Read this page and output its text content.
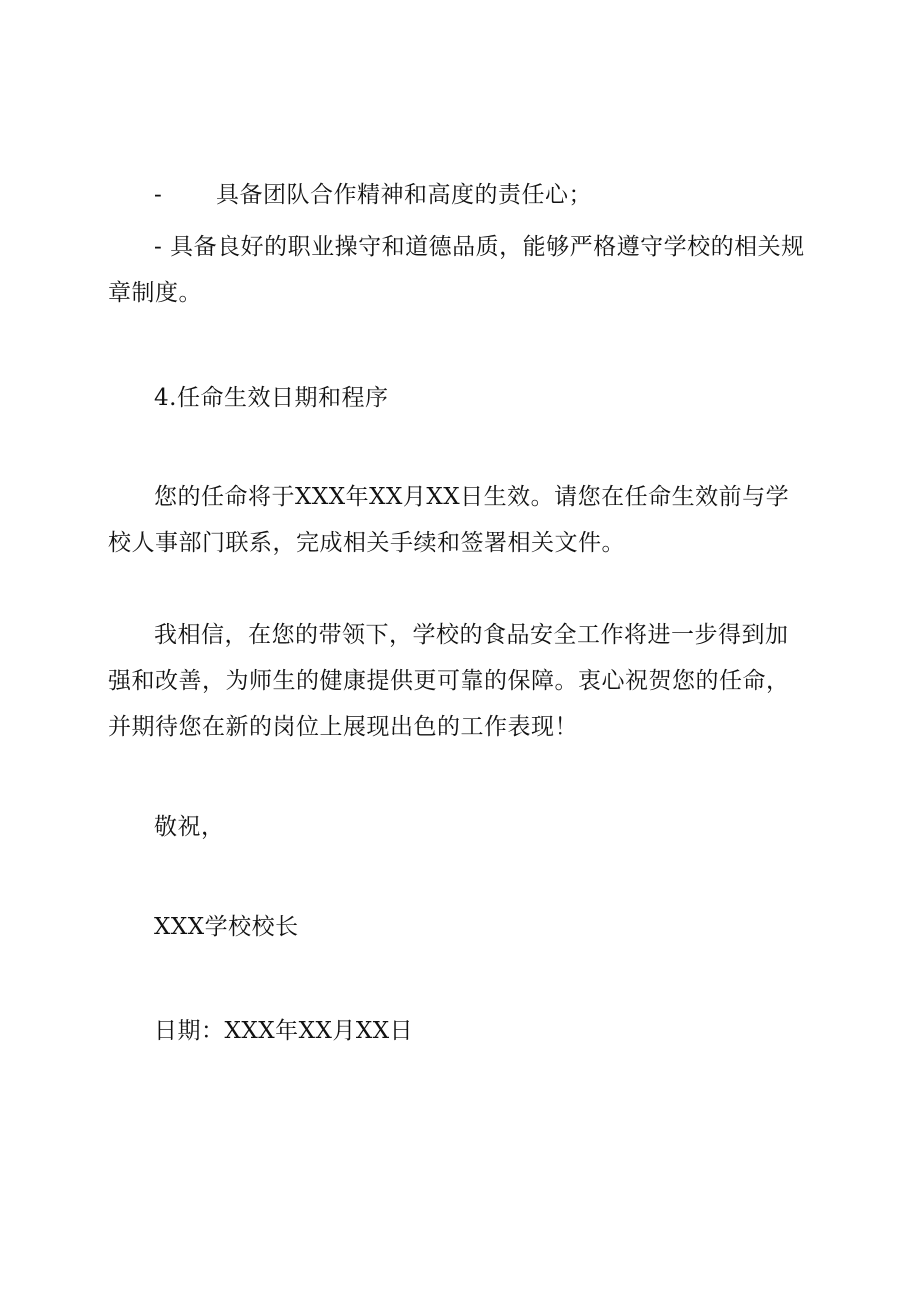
- 具备团队合作精神和高度的责任心；

- 具备良好的职业操守和道德品质，能够严格遵守学校的相关规章制度。

4.任命生效日期和程序

您的任命将于XXX年XX月XX日生效。请您在任命生效前与学校人事部门联系，完成相关手续和签署相关文件。

我相信，在您的带领下，学校的食品安全工作将进一步得到加强和改善，为师生的健康提供更可靠的保障。衷心祝贺您的任命，并期待您在新的岗位上展现出色的工作表现！

敬祝，

XXX学校校长

日期：XXX年XX月XX日
